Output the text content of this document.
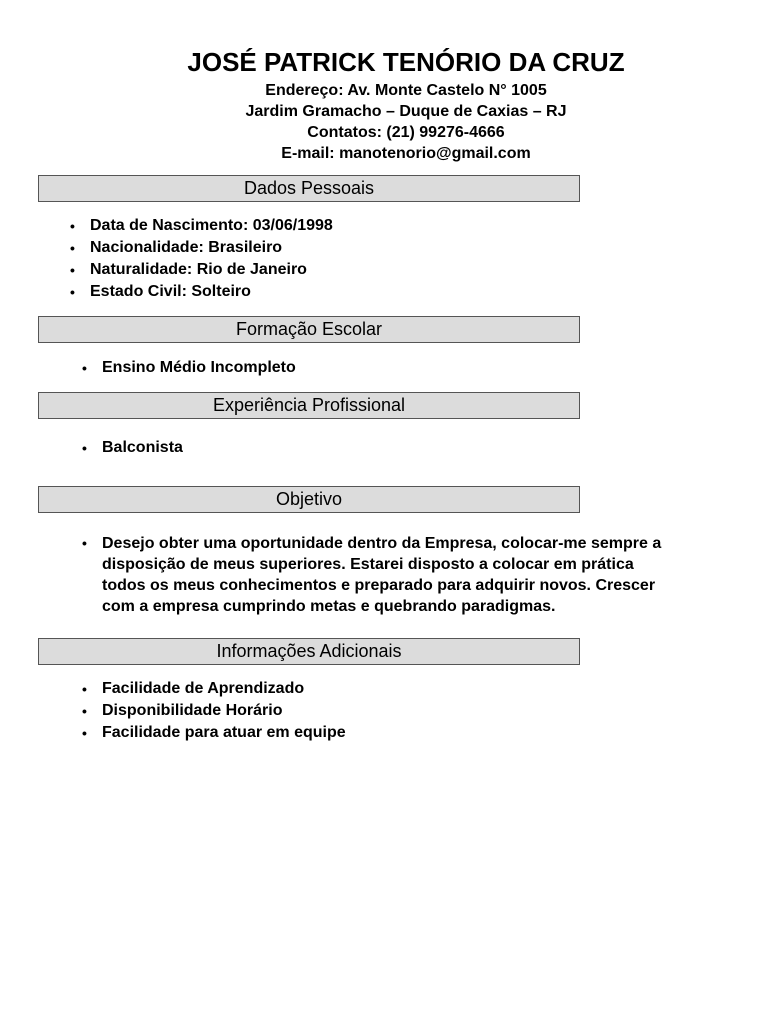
JOSÉ PATRICK TENÓRIO DA CRUZ

Endereço: Av. Monte Castelo N° 1005

Jardim Gramacho – Duque de Caxias – RJ

Contatos: (21) 99276-4666

E-mail: manotenorio@gmail.com

Dados Pessoais
• Data de Nascimento: 03/06/1998
• Nacionalidade: Brasileiro
• Naturalidade: Rio de Janeiro
• Estado Civil: Solteiro
Formação Escolar
• Ensino Médio Incompleto
Experiência Profissional
• Balconista
Objetivo
• Desejo obter uma oportunidade dentro da Empresa, colocar-me sempre a
disposição de meus superiores. Estarei disposto a colocar em prática
todos os meus conhecimentos e preparado para adquirir novos. Crescer
com a empresa cumprindo metas e quebrando paradigmas.
Informações Adicionais
• Facilidade de Aprendizado
• Disponibilidade Horário
• Facilidade para atuar em equipe
